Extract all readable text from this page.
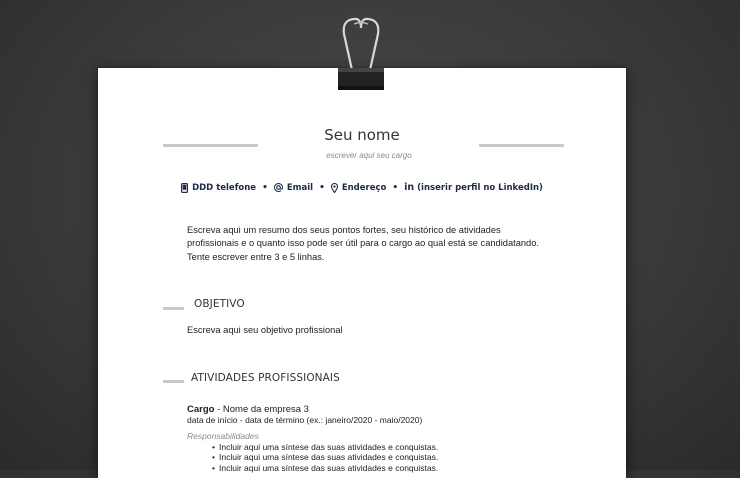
Seu nome
escrever aqui seu cargo
DDD telefone • Email • Endereço • in (inserir perfil no LinkedIn)
Escreva aqui um resumo dos seus pontos fortes, seu histórico de atividades
profissionais e o quanto isso pode ser útil para o cargo ao qual está se candidatando.
Tente escrever entre 3 e 5 linhas.
OBJETIVO
Escreva aqui seu objetivo profissional
ATIVIDADES PROFISSIONAIS
Cargo - Nome da empresa 3
data de início - data de término (ex.: janeiro/2020 - maio/2020)
Responsabilidades
• Incluir aqui uma síntese das suas atividades e conquistas.
• Incluir aqui uma síntese das suas atividades e conquistas.
• Incluir aqui uma síntese das suas atividades e conquistas.
